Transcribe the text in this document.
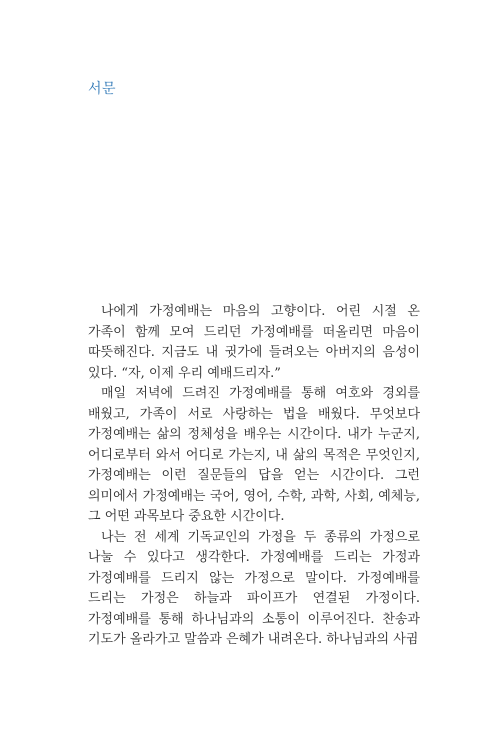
서문

나에게 가정예배는 마음의 고향이다. 어린 시절 온 가족이 함께 모여 드리던 가정예배를 떠올리면 마음이 따뜻해진다. 지금도 내 귓가에 들려오는 아버지의 음성이 있다. “자, 이제 우리 예배드리자.”

매일 저녁에 드려진 가정예배를 통해 여호와 경외를 배웠고, 가족이 서로 사랑하는 법을 배웠다. 무엇보다 가정예배는 삶의 정체성을 배우는 시간이다. 내가 누군지, 어디로부터 와서 어디로 가는지, 내 삶의 목적은 무엇인지, 가정예배는 이런 질문들의 답을 얻는 시간이다. 그런 의미에서 가정예배는 국어, 영어, 수학, 과학, 사회, 예체능, 그 어떤 과목보다 중요한 시간이다.

나는 전 세계 기독교인의 가정을 두 종류의 가정으로 나눌 수 있다고 생각한다. 가정예배를 드리는 가정과 가정예배를 드리지 않는 가정으로 말이다. 가정예배를 드리는 가정은 하늘과 파이프가 연결된 가정이다. 가정예배를 통해 하나님과의 소통이 이루어진다. 찬송과 기도가 올라가고 말씀과 은혜가 내려온다. 하나님과의 사귐
